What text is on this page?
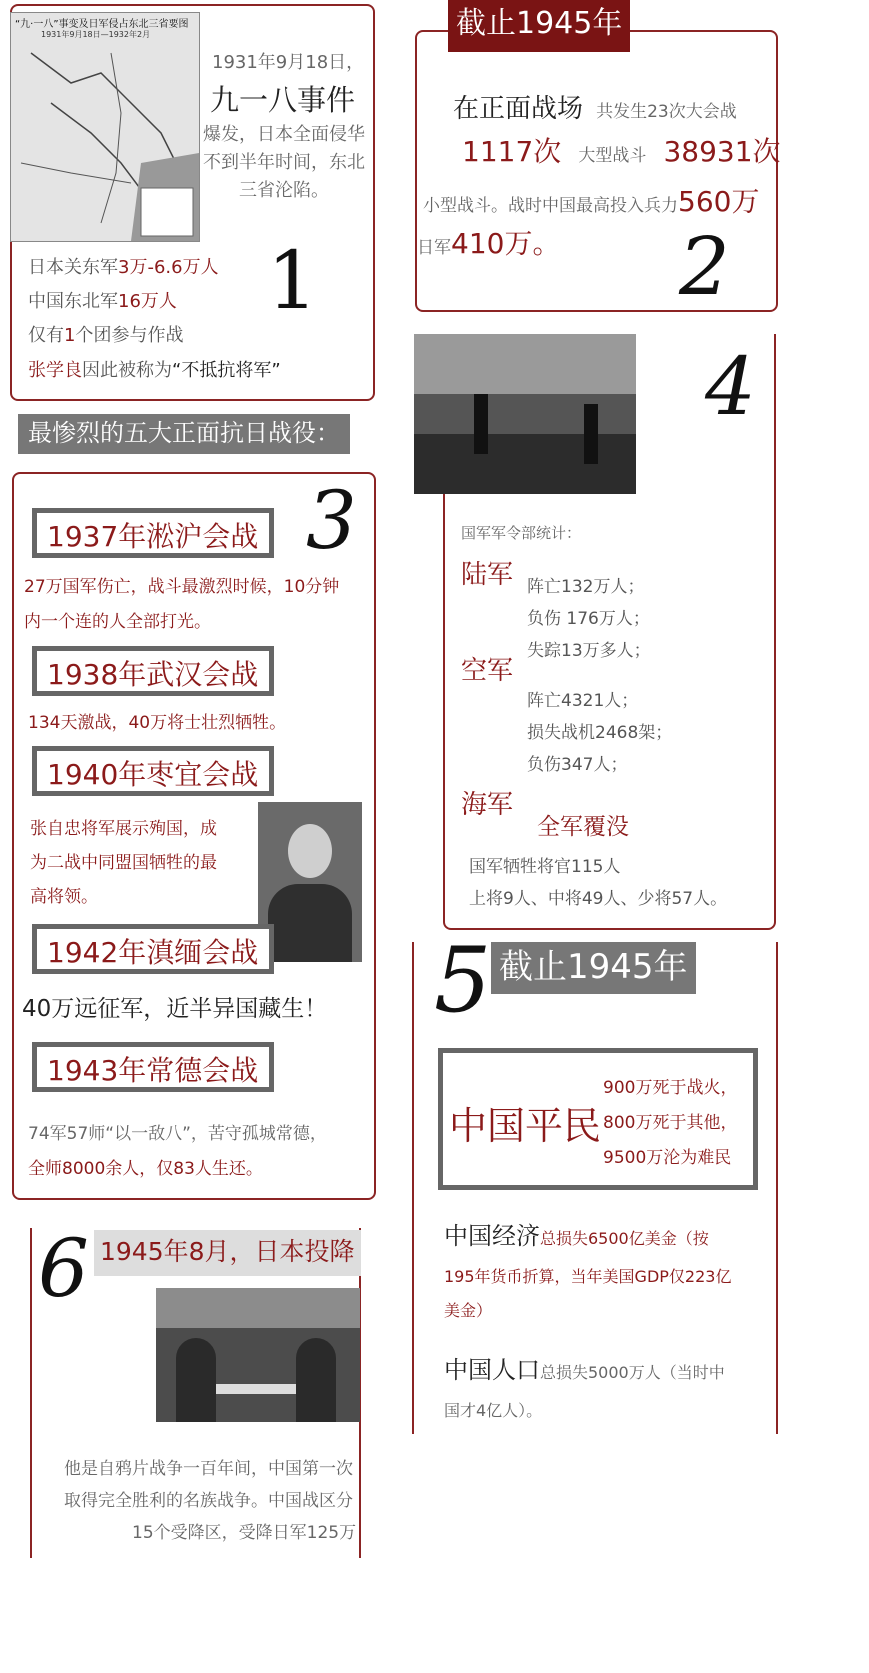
“九·一八”事变及日军侵占东北三省要图
1931年9月18日—1932年2月
1931年9月18日，
九一八事件
爆发，日本全面侵华不到半年时间，东北三省沦陷。
1
日本关东军3万-6.6万人
中国东北军16万人
仅有1个团参与作战
张学良因此被称为“不抵抗将军”
在正面战场 共发生23次大会战
1117次 大型战斗 38931次
小型战斗。战时中国最高投入兵力560万
日军410万。 2
截止1945年
最惨烈的五大正面抗日战役：
3
1937年淞沪会战
27万国军伤亡，战斗最激烈时候，10分钟
内一个连的人全部打光。
1938年武汉会战
134天激战，40万将士壮烈牺牲。
1940年枣宜会战
张自忠将军展示殉国，成
为二战中同盟国牺牲的最
高将领。
1942年滇缅会战
40万远征军，近半异国藏生！
1943年常德会战
74军57师“以一敌八”，苦守孤城常德，
全师8000余人，仅83人生还。
4
国军军令部统计：
陆军 阵亡132万人；
负伤 176万人；
失踪13万多人；
空军
阵亡4321人；
损失战机2468架；
负伤347人；
海军
全军覆没
国军牺牲将官115人
上将9人、中将49人、少将57人。
5 截止1945年
中国平民
900万死于战火，
800万死于其他，
9500万沦为难民
中国经济总损失6500亿美金（按
195年货币折算，当年美国GDP仅223亿
美金）
中国人口总损失5000万人（当时中
国才4亿人）。
6 1945年8月，日本投降
他是自鸦片战争一百年间，中国第一次
取得完全胜利的名族战争。中国战区分
15个受降区，受降日军125万
